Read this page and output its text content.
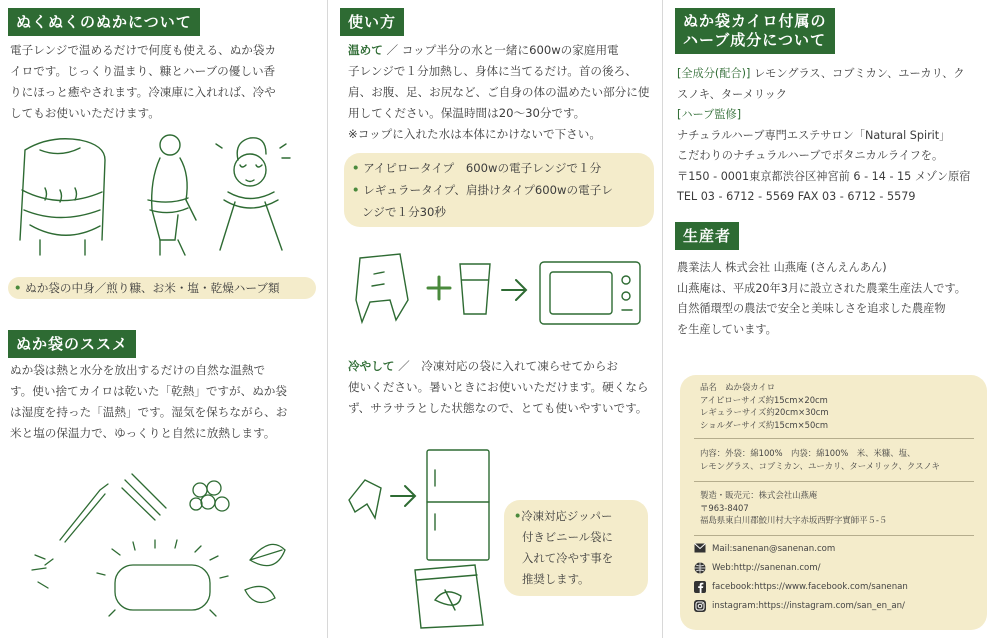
ぬくぬくのぬかについて
電子レンジで温めるだけで何度も使える、ぬか袋カ
イロです。じっくり温まり、糠とハーブの優しい香
りにほっと癒やされます。冷凍庫に入れれば、冷や
してもお使いいただけます。
• ぬか袋の中身／煎り糠、お米・塩・乾燥ハーブ類
ぬか袋のススメ
ぬか袋は熱と水分を放出するだけの自然な温熱で
す。使い捨てカイロは乾いた「乾熱」ですが、ぬか袋
は湿度を持った「温熱」です。湿気を保ちながら、お
米と塩の保温力で、ゆっくりと自然に放熱します。
使い方
温めて ／ コップ半分の水と一緒に600wの家庭用電
子レンジで１分加熱し、身体に当てるだけ。首の後ろ、
肩、お腹、足、お尻など、ご自身の体の温めたい部分に使
用してください。保温時間は20〜30分です。
※コップに入れた水は本体にかけないで下さい。
• アイピロータイプ　600wの電子レンジで１分
• レギュラータイプ、肩掛けタイプ600wの電子レ
ンジで１分30秒
冷やして ／　冷凍対応の袋に入れて凍らせてからお
使いください。暑いときにお使いいただけます。硬くなら
ず、サラサラとした状態なので、とても使いやすいです。
•冷凍対応ジッパー
付きビニール袋に
入れて冷やす事を
推奨します。
ぬか袋カイロ付属の
ハーブ成分について
[全成分(配合)] レモングラス、コブミカン、ユーカリ、ク
スノキ、ターメリック
[ハーブ監修]
ナチュラルハーブ専門エステサロン「Natural Spirit」
こだわりのナチュラルハーブでボタニカルライフを。
〒150 - 0001東京都渋谷区神宮前 6 - 14 - 15 メゾン原宿
TEL 03 - 6712 - 5569 FAX 03 - 6712 - 5579
生産者
農業法人 株式会社 山燕庵 (さんえんあん)
山燕庵は、平成20年3月に設立された農業生産法人です。
自然循環型の農法で安全と美味しさを追求した農産物
を生産しています。
品名　ぬか袋カイロ
アイピローサイズ約15cm×20cm
レギュラーサイズ約20cm×30cm
ショルダーサイズ約15cm×50cm
内容：外袋：綿100%　内袋：綿100%　米、米糠、塩、
レモングラス、コブミカン、ユーカリ、ターメリック、クスノキ
製造・販売元：株式会社山燕庵
〒963-8407
福島県東白川郡鮫川村大字赤坂西野字實師平５-５
Mail:sanenan@sanenan.com
Web:http://sanenan.com/
facebook:https://www.facebook.com/sanenan
instagram:https://instagram.com/san_en_an/
